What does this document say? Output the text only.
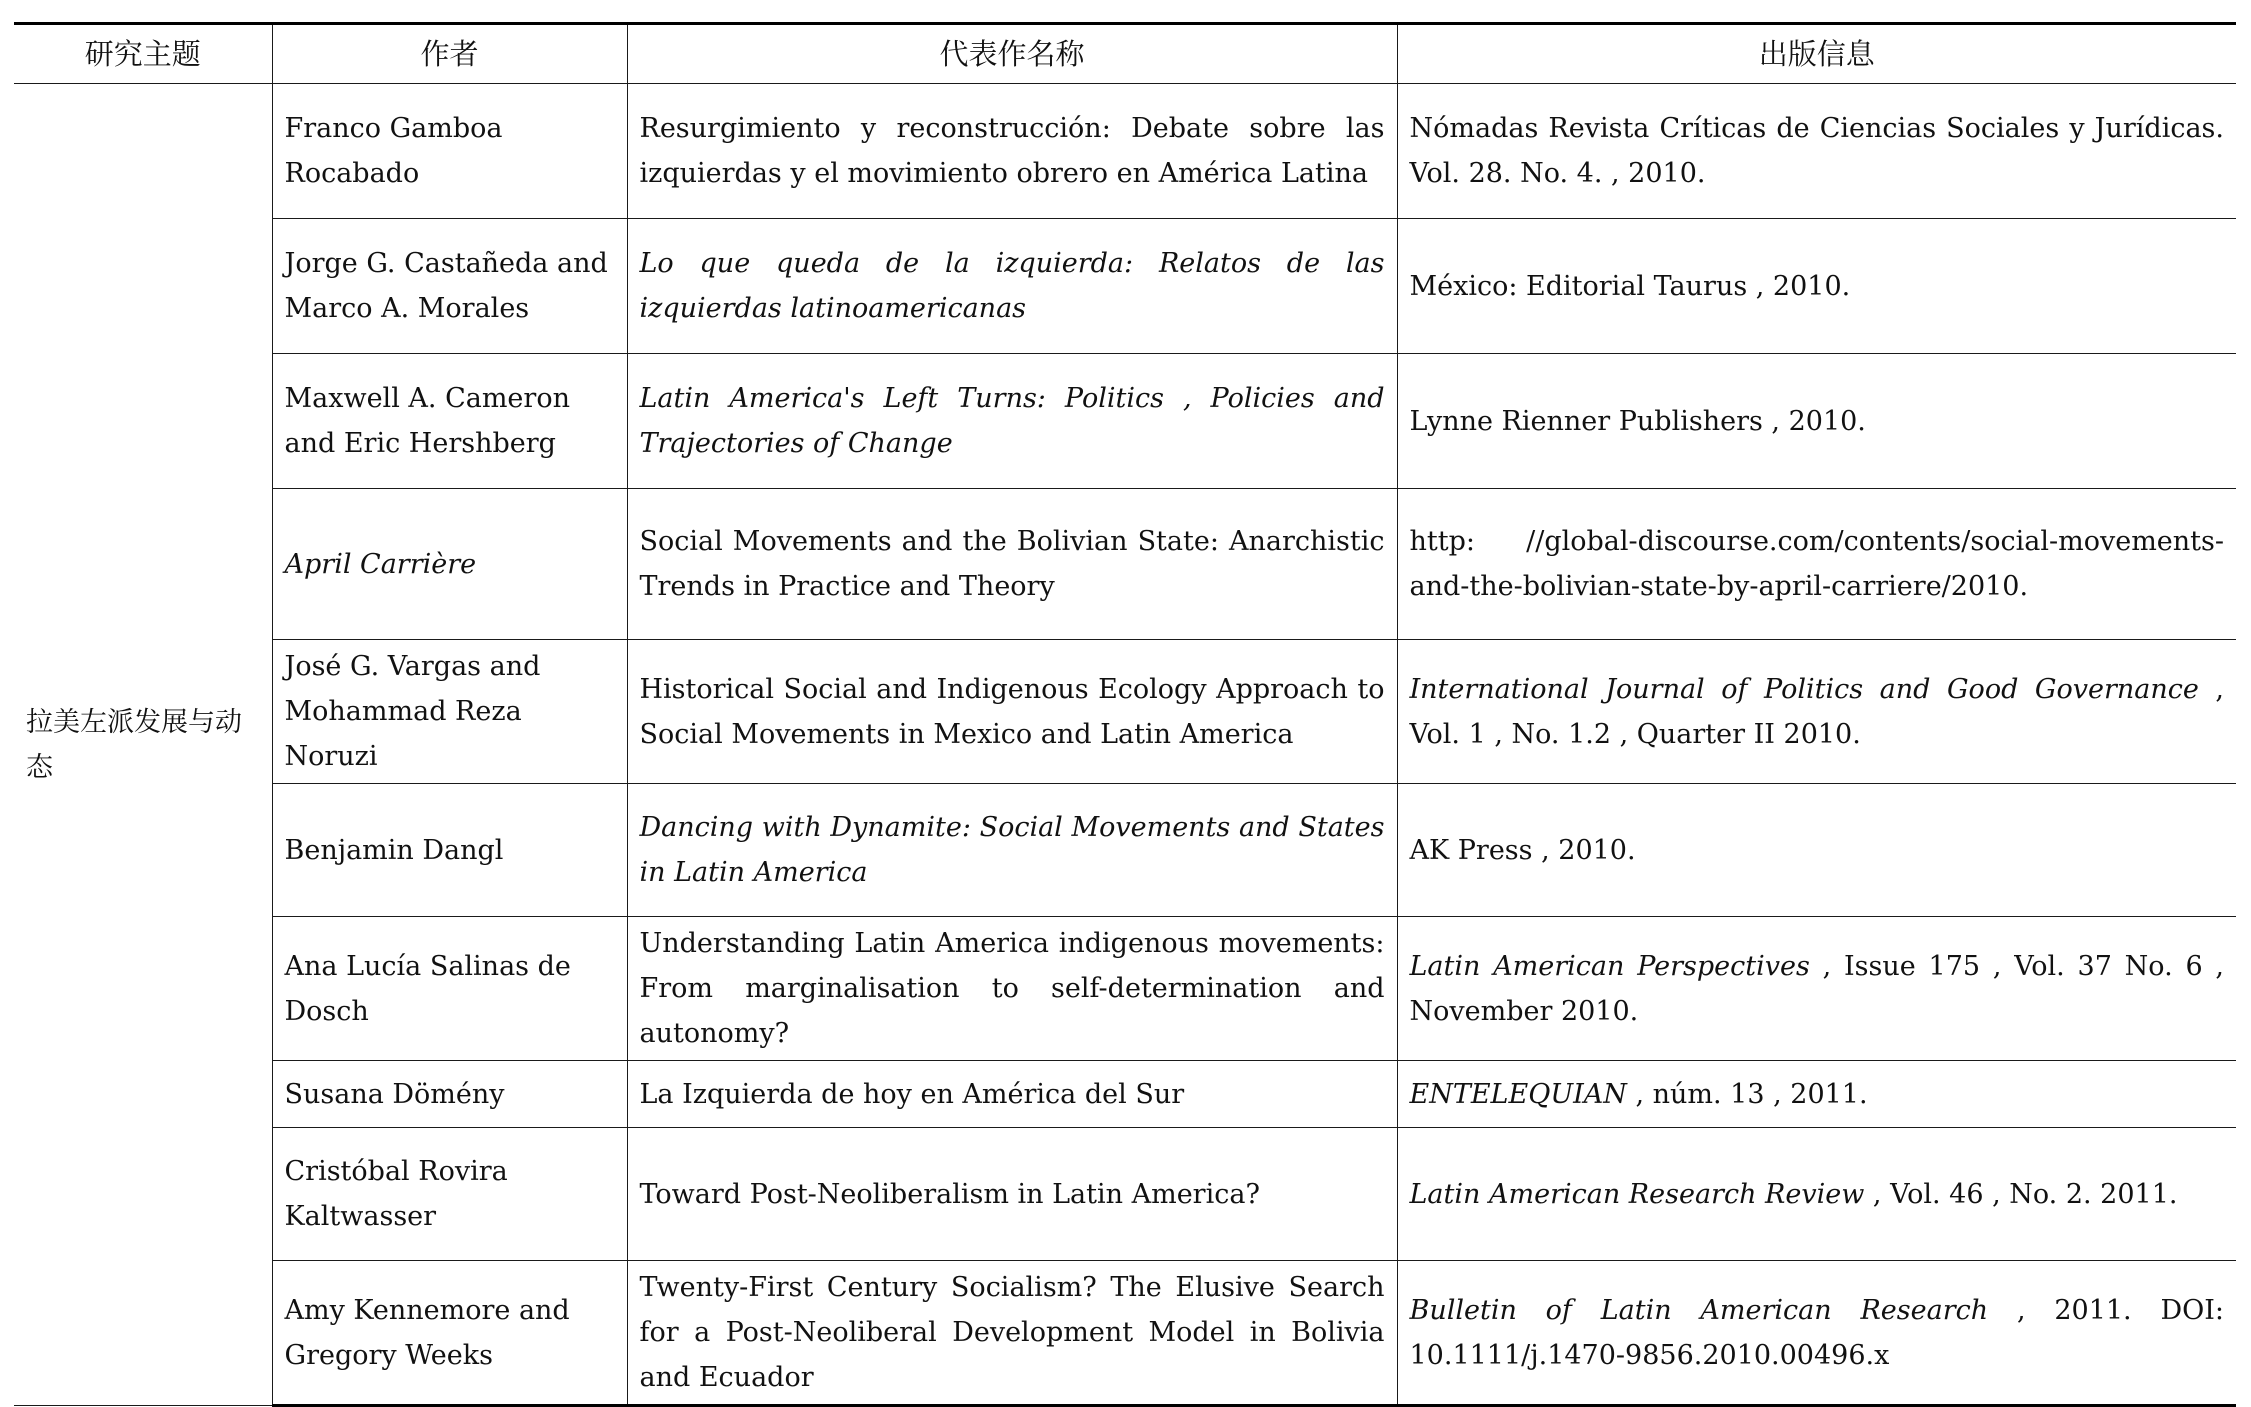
研究主题	作者	代表作名称	出版信息
拉美左派发展与动态	Franco Gamboa Rocabado	Resurgimiento y reconstrucción: Debate sobre las izquierdas y el movimiento obrero en América Latina	Nómadas Revista Críticas de Ciencias Sociales y Jurídicas. Vol. 28. No. 4. , 2010.
	Jorge G. Castañeda and Marco A. Morales	Lo que queda de la izquierda: Relatos de las izquierdas latinoamericanas	México: Editorial Taurus , 2010.
	Maxwell A. Cameron and Eric Hershberg	Latin America's Left Turns: Politics , Policies and Trajectories of Change	Lynne Rienner Publishers , 2010.
	April Carrière	Social Movements and the Bolivian State: Anarchistic Trends in Practice and Theory	http: //global-discourse.com/contents/social-movements-and-the-bolivian-state-by-april-carriere/2010.
	José G. Vargas and Mohammad Reza Noruzi	Historical Social and Indigenous Ecology Approach to Social Movements in Mexico and Latin America	International Journal of Politics and Good Governance , Vol. 1 , No. 1.2 , Quarter II 2010.
	Benjamin Dangl	Dancing with Dynamite: Social Movements and States in Latin America	AK Press , 2010.
	Ana Lucía Salinas de Dosch	Understanding Latin America indigenous movements: From marginalisation to self-determination and autonomy?	Latin American Perspectives , Issue 175 , Vol. 37 No. 6 , November 2010.
	Susana Dömény	La Izquierda de hoy en América del Sur	ENTELEQUIAN , núm. 13 , 2011.
	Cristóbal Rovira Kaltwasser	Toward Post-Neoliberalism in Latin America?	Latin American Research Review , Vol. 46 , No. 2. 2011.
	Amy Kennemore and Gregory Weeks	Twenty-First Century Socialism? The Elusive Search for a Post-Neoliberal Development Model in Bolivia and Ecuador	Bulletin of Latin American Research , 2011. DOI: 10.1111/j.1470-9856.2010.00496.x
